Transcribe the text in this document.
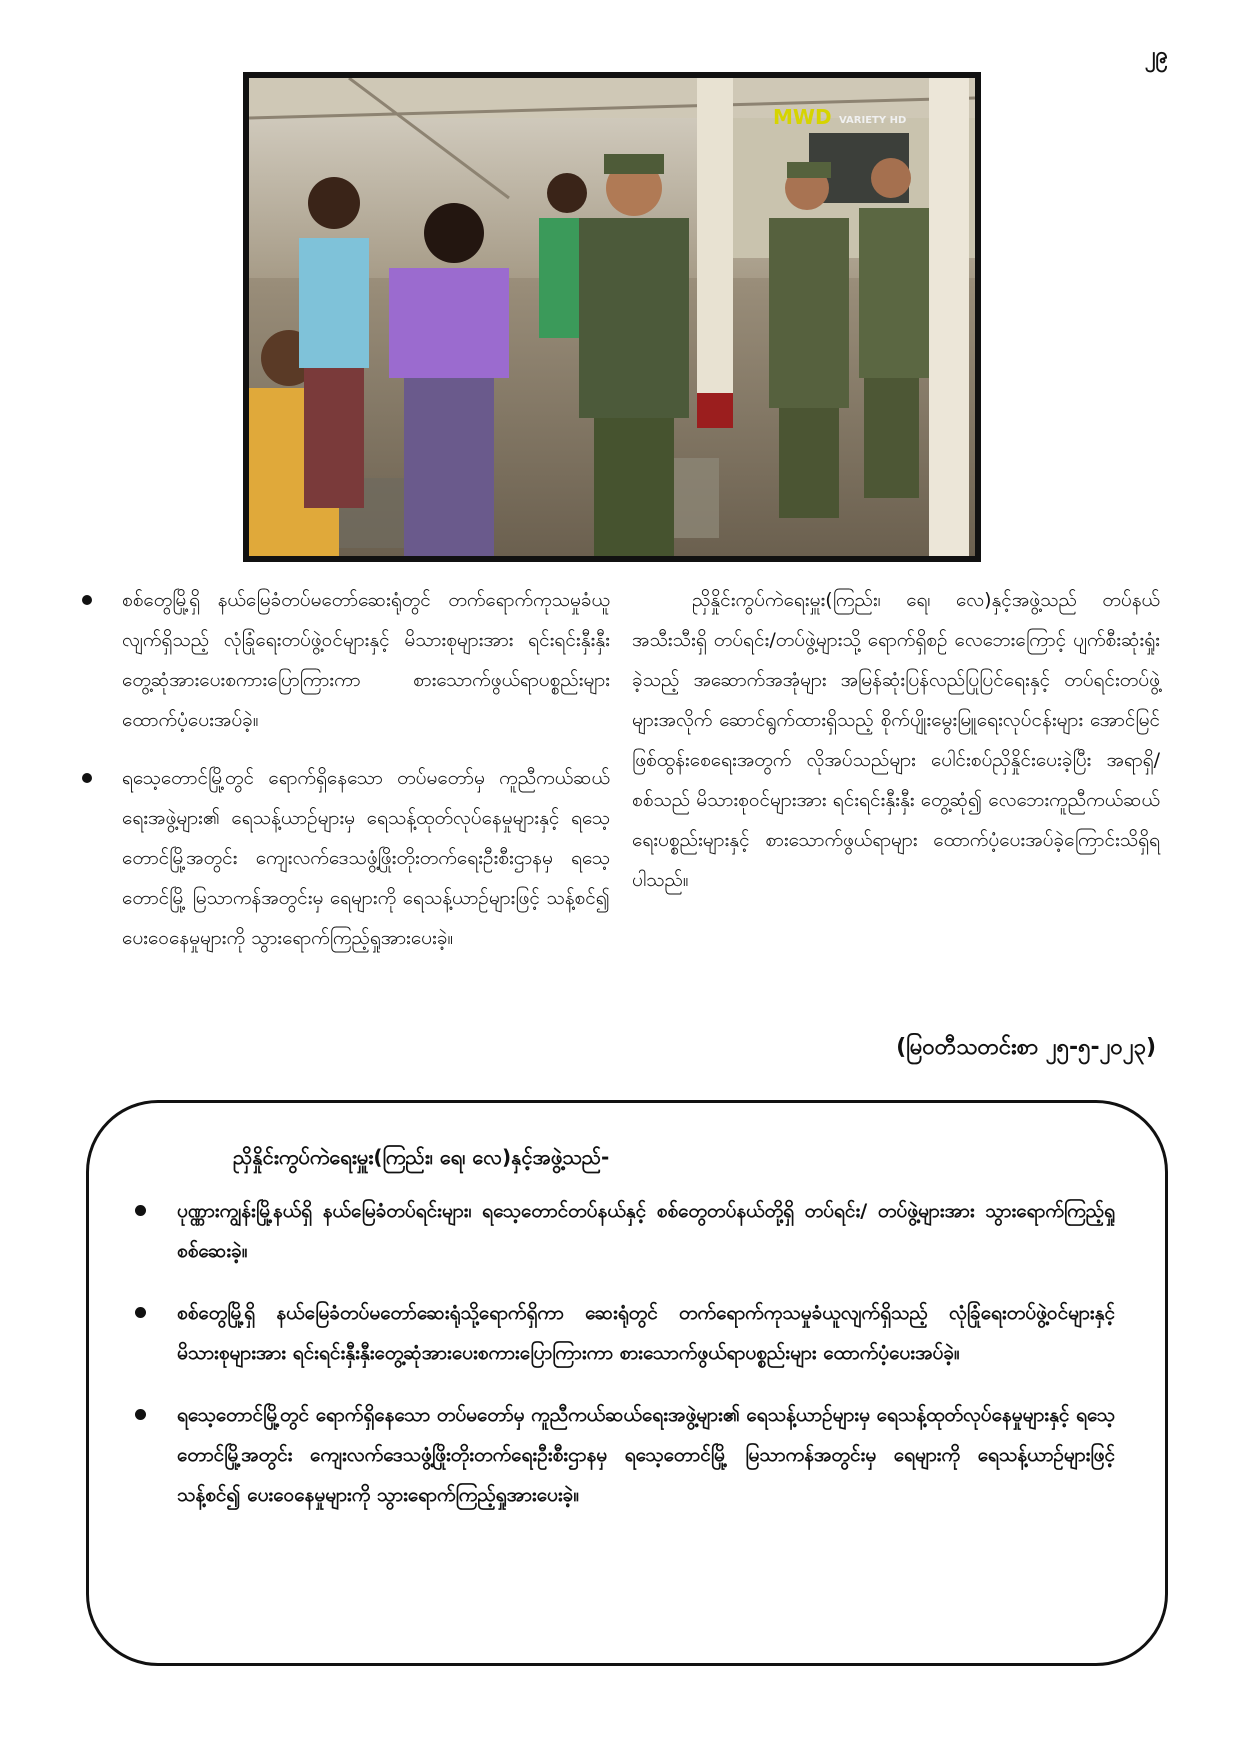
၂၉
MWD VARIETY HD
စစ်တွေမြို့ရှိ နယ်မြေခံတပ်မတော်ဆေးရုံတွင် တက်ရောက်ကုသမှုခံယူလျက်ရှိသည့် လုံခြုံရေးတပ်ဖွဲ့ဝင်များနှင့် မိသားစုများအား ရင်းရင်းနှီးနှီး တွေ့ဆုံအားပေးစကားပြောကြားကာ စားသောက်ဖွယ်ရာပစ္စည်းများ ထောက်ပံ့ပေးအပ်ခဲ့။
ရသေ့တောင်မြို့တွင် ရောက်ရှိနေသော တပ်မတော်မှ ကူညီကယ်ဆယ်ရေးအဖွဲ့များ၏ ရေသန့်ယာဉ်များမှ ရေသန့်ထုတ်လုပ်နေမှုများနှင့် ရသေ့တောင်မြို့အတွင်း ကျေးလက်ဒေသဖွံ့ဖြိုးတိုးတက်ရေးဦးစီးဌာနမှ ရသေ့တောင်မြို့ မြသာကန်အတွင်းမှ ရေများကို ရေသန့်ယာဉ်များဖြင့် သန့်စင်၍ ပေးဝေနေမှုများကို သွားရောက်ကြည့်ရှုအားပေးခဲ့။

ညှိနှိုင်းကွပ်ကဲရေးမှူး(ကြည်း၊ ရေ၊ လေ)နှင့်အဖွဲ့သည် တပ်နယ်အသီးသီးရှိ တပ်ရင်း/တပ်ဖွဲ့များသို့ ရောက်ရှိစဉ် လေဘေးကြောင့် ပျက်စီးဆုံးရှုံးခဲ့သည့် အဆောက်အအုံများ အမြန်ဆုံးပြန်လည်ပြုပြင်ရေးနှင့် တပ်ရင်းတပ်ဖွဲ့များအလိုက် ဆောင်ရွက်ထားရှိသည့် စိုက်ပျိုးမွေးမြူရေးလုပ်ငန်းများ အောင်မြင်ဖြစ်ထွန်းစေရေးအတွက် လိုအပ်သည်များ ပေါင်းစပ်ညှိနှိုင်းပေးခဲ့ပြီး အရာရှိ/စစ်သည် မိသားစုဝင်များအား ရင်းရင်းနှီးနှီး တွေ့ဆုံ၍ လေဘေးကူညီကယ်ဆယ်ရေးပစ္စည်းများနှင့် စားသောက်ဖွယ်ရာများ ထောက်ပံ့ပေးအပ်ခဲ့ကြောင်းသိရှိရပါသည်။

(မြဝတီသတင်းစာ ၂၅-၅-၂၀၂၃)
ညှိနှိုင်းကွပ်ကဲရေးမှူး(ကြည်း၊ ရေ၊ လေ)နှင့်အဖွဲ့သည်-
ပုဏ္ဏားကျွန်းမြို့နယ်ရှိ နယ်မြေခံတပ်ရင်းများ၊ ရသေ့တောင်တပ်နယ်နှင့် စစ်တွေတပ်နယ်တို့ရှိ တပ်ရင်း/ တပ်ဖွဲ့များအား သွားရောက်ကြည့်ရှုစစ်ဆေးခဲ့။
စစ်တွေမြို့ရှိ နယ်မြေခံတပ်မတော်ဆေးရုံသို့ရောက်ရှိကာ ဆေးရုံတွင် တက်ရောက်ကုသမှုခံယူလျက်ရှိသည့် လုံခြုံရေးတပ်ဖွဲ့ဝင်များနှင့် မိသားစုများအား ရင်းရင်းနှီးနှီးတွေ့ဆုံအားပေးစကားပြောကြားကာ စားသောက်ဖွယ်ရာပစ္စည်းများ ထောက်ပံ့ပေးအပ်ခဲ့။
ရသေ့တောင်မြို့တွင် ရောက်ရှိနေသော တပ်မတော်မှ ကူညီကယ်ဆယ်ရေးအဖွဲ့များ၏ ရေသန့်ယာဉ်များမှ ရေသန့်ထုတ်လုပ်နေမှုများနှင့် ရသေ့တောင်မြို့အတွင်း ကျေးလက်ဒေသဖွံ့ဖြိုးတိုးတက်ရေးဦးစီးဌာနမှ ရသေ့တောင်မြို့ မြသာကန်အတွင်းမှ ရေများကို ရေသန့်ယာဉ်များဖြင့် သန့်စင်၍ ပေးဝေနေမှုများကို သွားရောက်ကြည့်ရှုအားပေးခဲ့။
